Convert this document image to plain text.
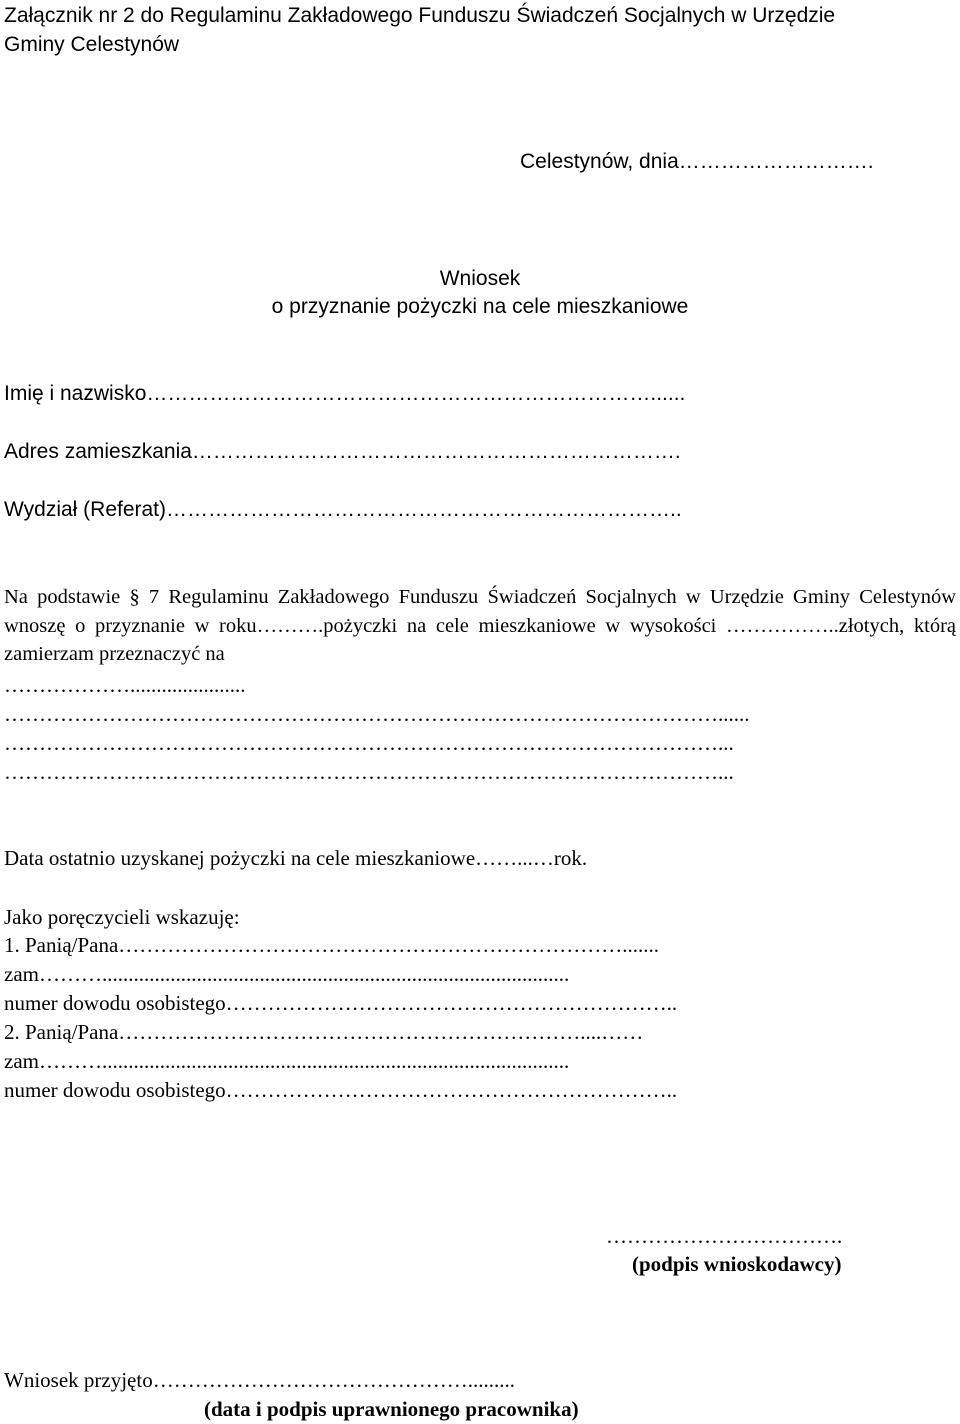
Załącznik nr 2 do Regulaminu Zakładowego Funduszu Świadczeń Socjalnych w Urzędzie
Gminy Celestynów
Celestynów, dnia……………………….
Wniosek
o przyznanie pożyczki na cele mieszkaniowe
Imię i nazwisko………………………………………………………………......
Adres zamieszkania…………………………………………………………….
Wydział (Referat)………………………………………………………………..
Na podstawie § 7 Regulaminu Zakładowego Funduszu Świadczeń Socjalnych w Urzędzie Gminy Celestynów wnoszę o przyznanie w roku……….pożyczki na cele mieszkaniowe w wysokości ……………..złotych, którą zamierzam przeznaczyć na
………………......................
…………………………………………………………………………………………......
…………………………………………………………………………………………...
…………………………………………………………………………………………...
Data ostatnio uzyskanej pożyczki na cele mieszkaniowe……...…rok.
Jako poręczycieli wskazuję:
1. Panią/Pana……………………………………………………………….......
zam……….........................................................................................
numer dowodu osobistego………………………………………………………..
2. Panią/Pana…………………………………………………………....……
zam……….........................................................................................
numer dowodu osobistego………………………………………………………..
…………………………….
(podpis wnioskodawcy)
Wniosek przyjęto……………………………………….........
(data i podpis uprawnionego pracownika)
